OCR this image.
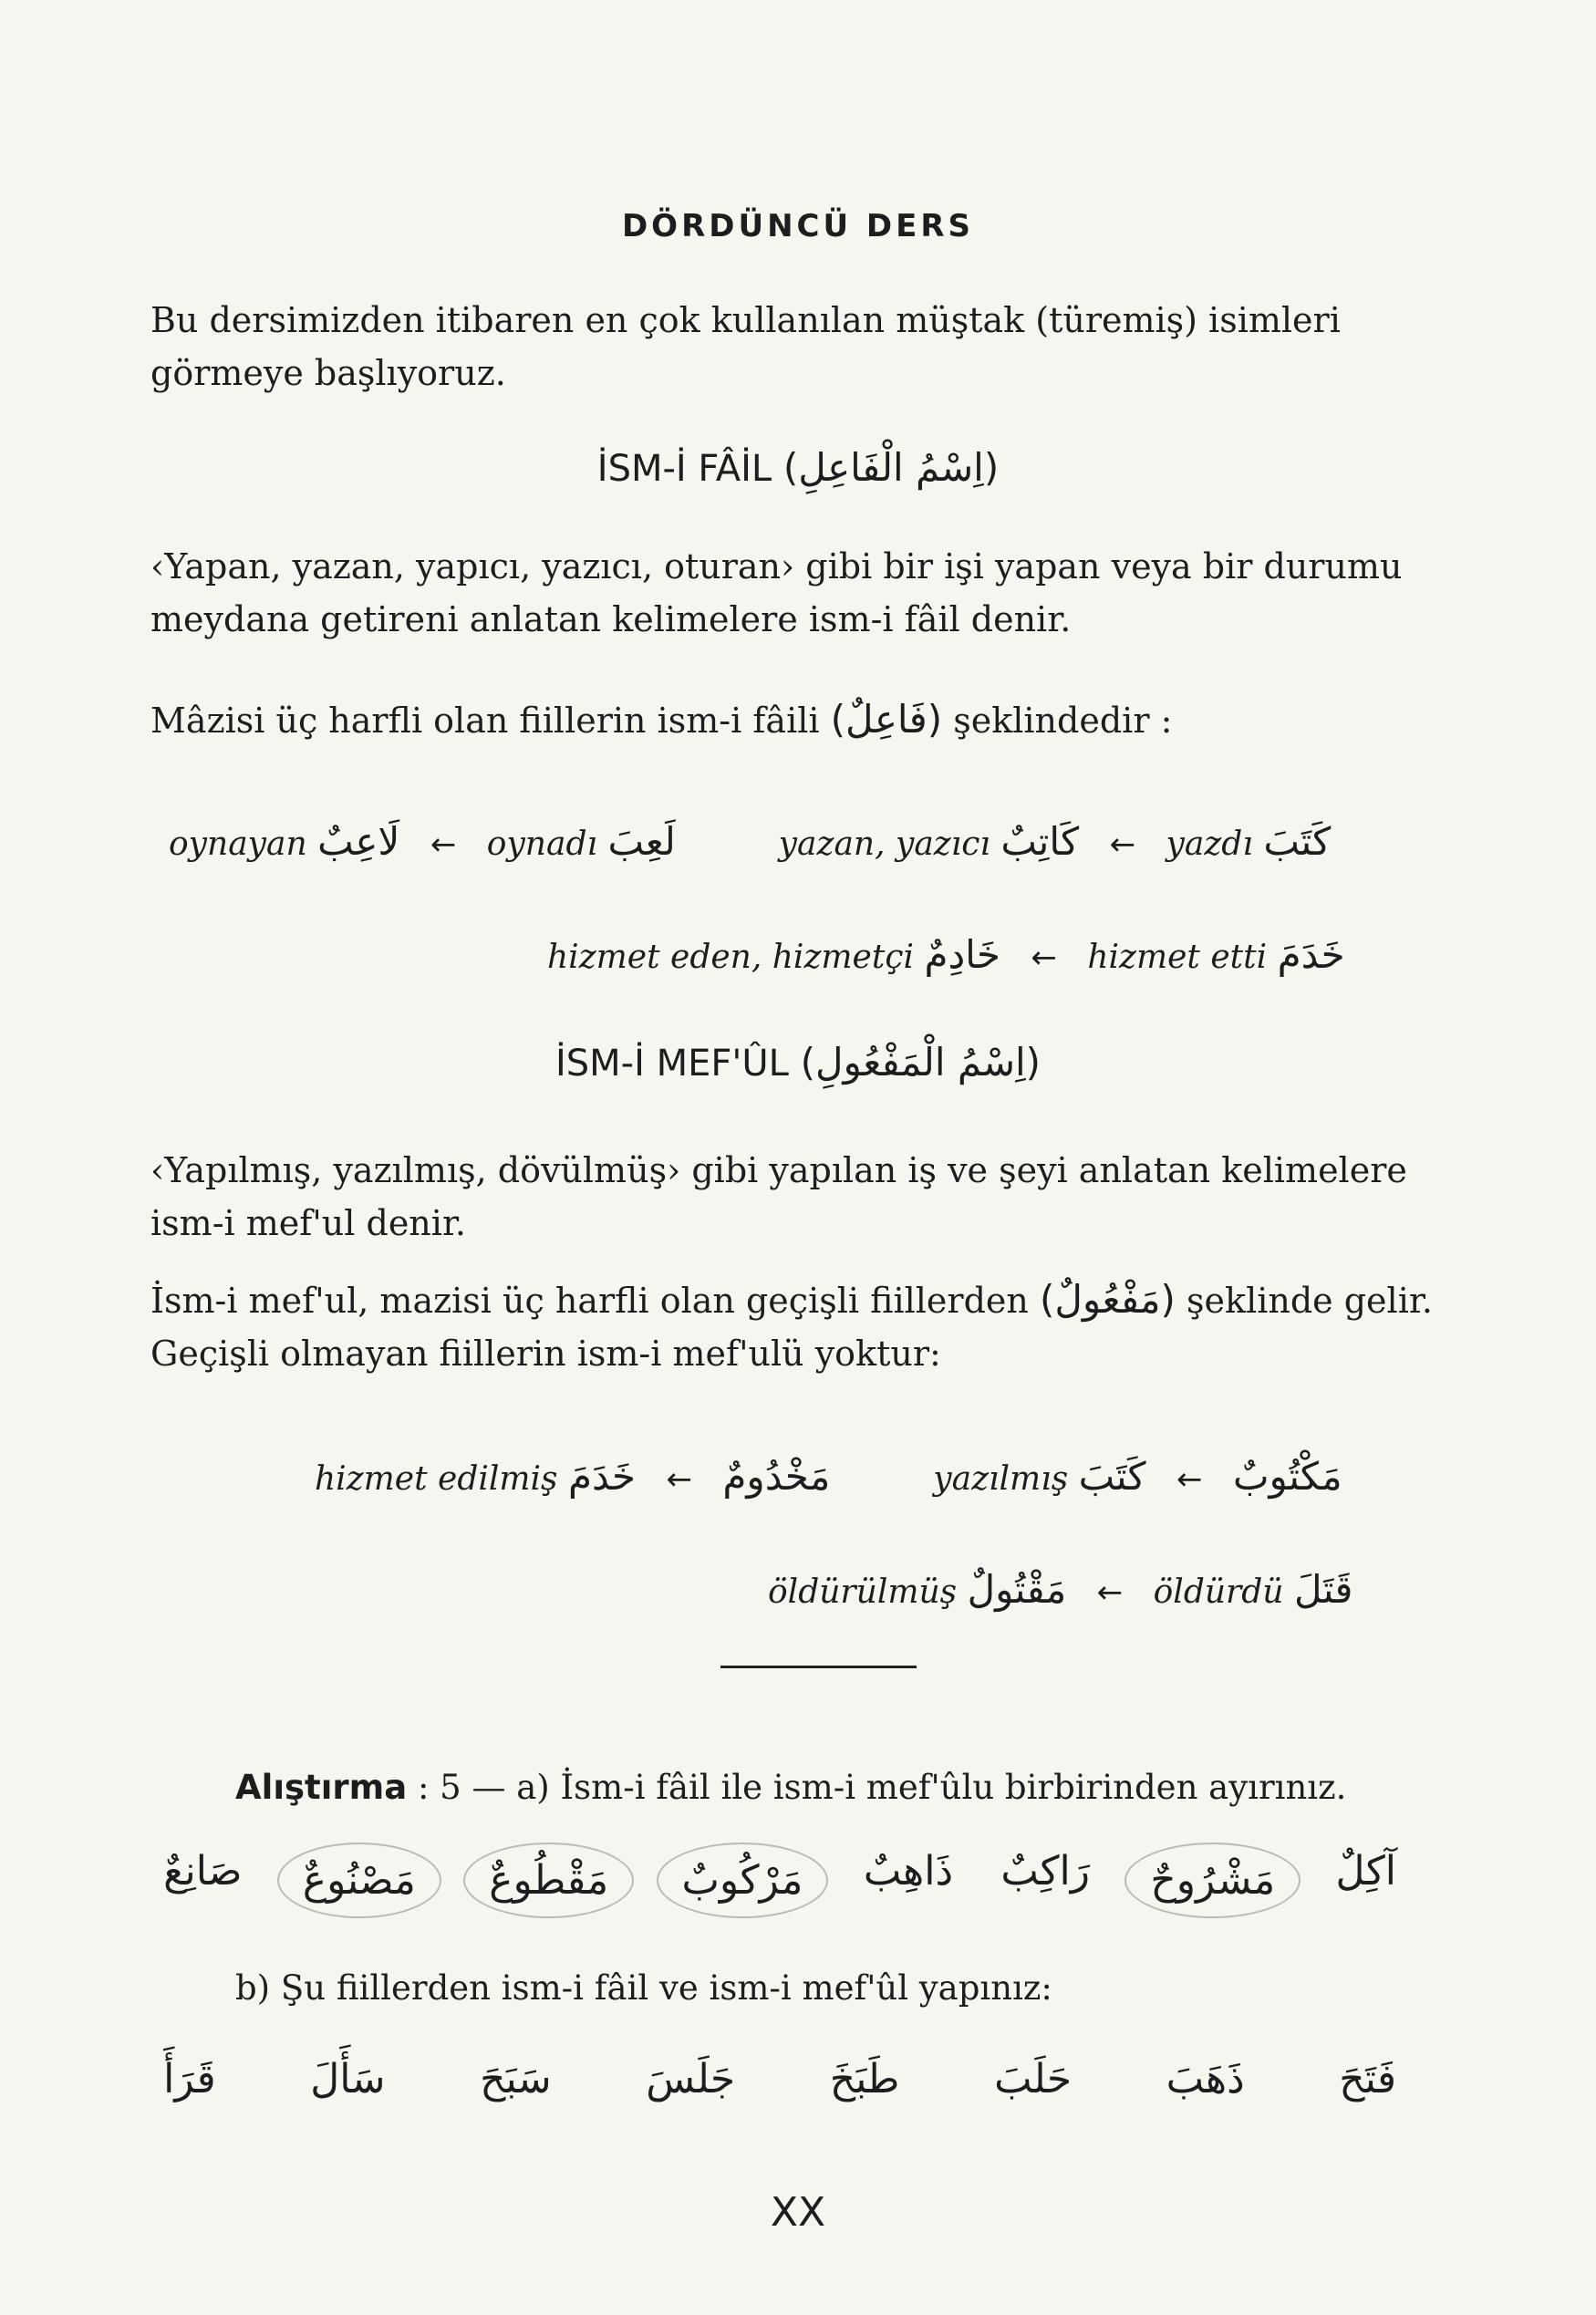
DÖRDÜNCÜ DERS
Bu dersimizden itibaren en çok kullanılan müştak (türemiş) isimleri görmeye başlıyoruz.
İSM-İ FÂİL (اِسْمُ الْفَاعِلِ)
‹Yapan, yazan, yapıcı, yazıcı, oturan› gibi bir işi yapan veya bir durumu meydana getireni anlatan kelimelere ism-i fâil denir.
Mâzisi üç harfli olan fiillerin ism-i fâili (فَاعِلٌ) şeklindedir :
oynayan لَاعِبٌ ← oynadı لَعِبَ	yazan, yazıcı كَاتِبٌ ← yazdı كَتَبَ
hizmet eden, hizmetçi خَادِمٌ ← hizmet etti خَدَمَ
İSM-İ MEF'ÛL (اِسْمُ الْمَفْعُولِ)
‹Yapılmış, yazılmış, dövülmüş› gibi yapılan iş ve şeyi anlatan kelimelere ism-i mef'ul denir.
İsm-i mef'ul, mazisi üç harfli olan geçişli fiillerden (مَفْعُولٌ) şeklinde gelir. Geçişli olmayan fiillerin ism-i mef'ulü yoktur:
hizmet edilmiş	مَخْدُومٌ ← خَدَمَ	yazılmış	مَكْتُوبٌ ← كَتَبَ
öldürülmüş مَقْتُولٌ ← öldürdü قَتَلَ
Alıştırma : 5 — a) İsm-i fâil ile ism-i mef'ûlu birbirinden ayırınız.
آكِلٌ
مَشْرُوحٌ
رَاكِبٌ
ذَاهِبٌ
مَرْكُوبٌ
مَقْطُوعٌ
مَصْنُوعٌ
صَانِعٌ
b) Şu fiillerden ism-i fâil ve ism-i mef'ûl yapınız:
فَتَحَ
ذَهَبَ
حَلَبَ
طَبَخَ
جَلَسَ
سَبَحَ
سَأَلَ
قَرَأَ
XX
